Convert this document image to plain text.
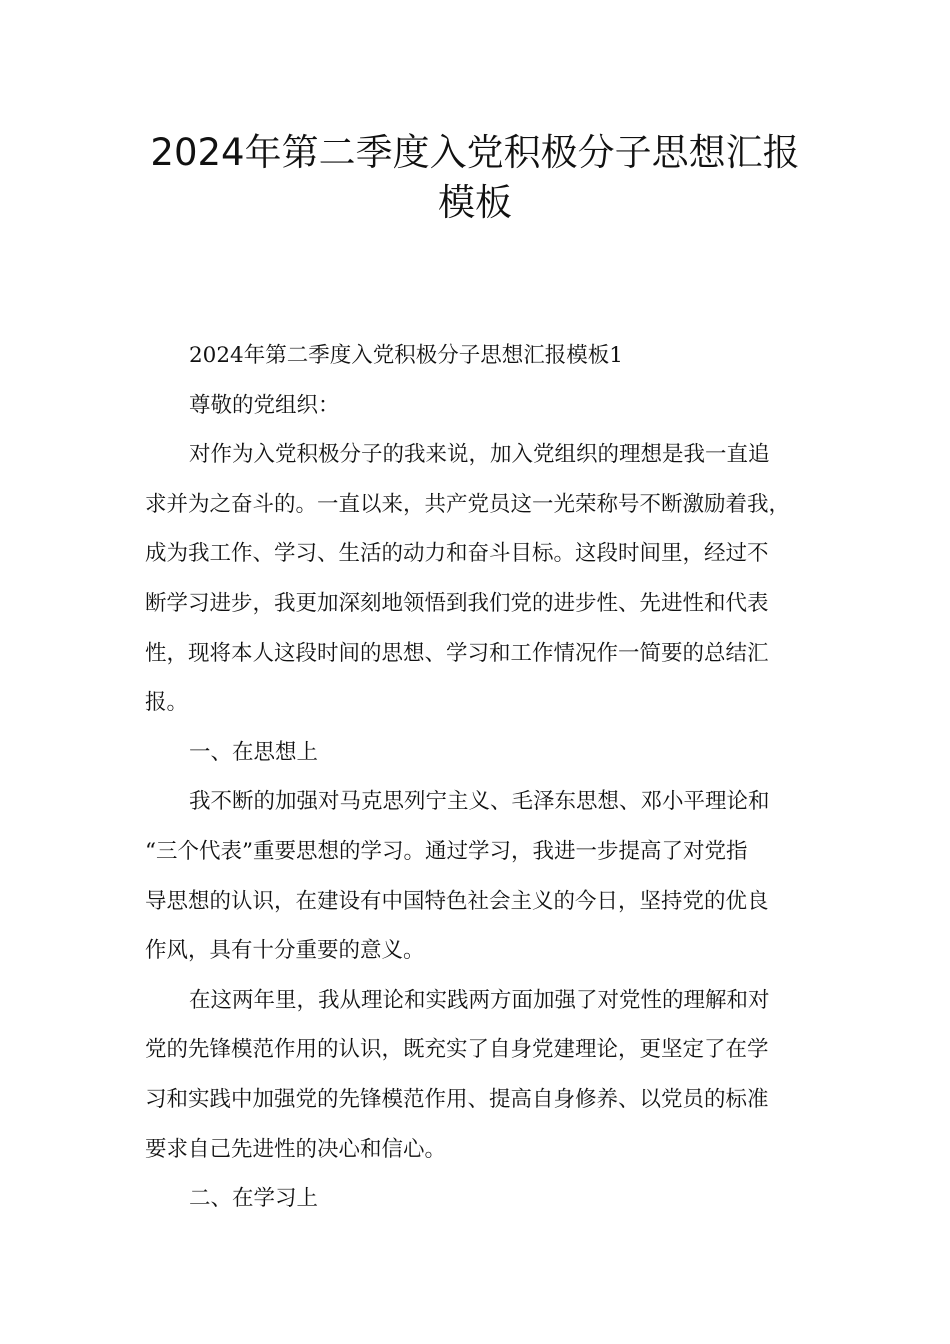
2024年第二季度入党积极分子思想汇报
模板

2024年第二季度入党积极分子思想汇报模板1

尊敬的党组织：

对作为入党积极分子的我来说，加入党组织的理想是我一直追
求并为之奋斗的。一直以来，共产党员这一光荣称号不断激励着我，
成为我工作、学习、生活的动力和奋斗目标。这段时间里，经过不
断学习进步，我更加深刻地领悟到我们党的进步性、先进性和代表
性，现将本人这段时间的思想、学习和工作情况作一简要的总结汇
报。

一、在思想上

我不断的加强对马克思列宁主义、毛泽东思想、邓小平理论和
“三个代表”重要思想的学习。通过学习，我进一步提高了对党指
导思想的认识，在建设有中国特色社会主义的今日，坚持党的优良
作风，具有十分重要的意义。

在这两年里，我从理论和实践两方面加强了对党性的理解和对
党的先锋模范作用的认识，既充实了自身党建理论，更坚定了在学
习和实践中加强党的先锋模范作用、提高自身修养、以党员的标准
要求自己先进性的决心和信心。

二、在学习上
